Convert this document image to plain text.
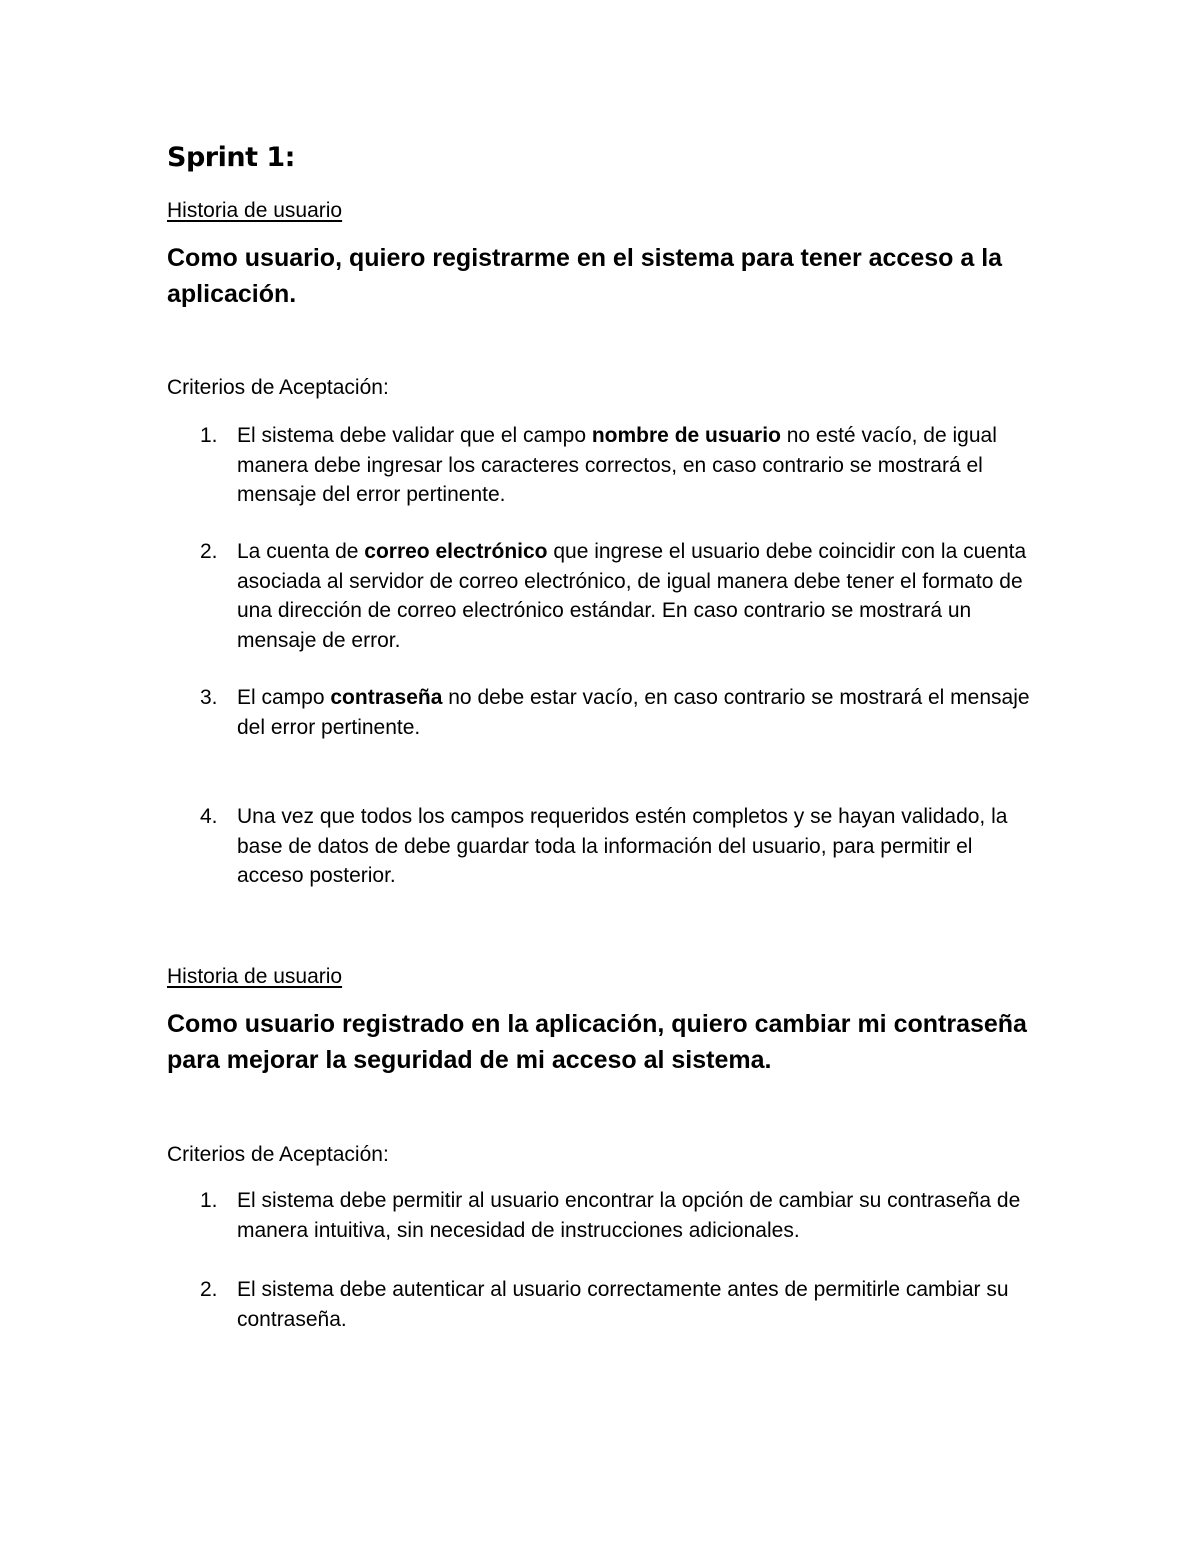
Sprint 1:
Historia de usuario
Como usuario, quiero registrarme en el sistema para tener acceso a la aplicación.
Criterios de Aceptación:
1. El sistema debe validar que el campo nombre de usuario no esté vacío, de igual manera debe ingresar los caracteres correctos, en caso contrario se mostrará el mensaje del error pertinente.
2. La cuenta de correo electrónico que ingrese el usuario debe coincidir con la cuenta asociada al servidor de correo electrónico, de igual manera debe tener el formato de una dirección de correo electrónico estándar. En caso contrario se mostrará un mensaje de error.
3. El campo contraseña no debe estar vacío, en caso contrario se mostrará el mensaje del error pertinente.
4. Una vez que todos los campos requeridos estén completos y se hayan validado, la base de datos de debe guardar toda la información del usuario, para permitir el acceso posterior.
Historia de usuario
Como usuario registrado en la aplicación, quiero cambiar mi contraseña para mejorar la seguridad de mi acceso al sistema.
Criterios de Aceptación:
1. El sistema debe permitir al usuario encontrar la opción de cambiar su contraseña de manera intuitiva, sin necesidad de instrucciones adicionales.
2. El sistema debe autenticar al usuario correctamente antes de permitirle cambiar su contraseña.
